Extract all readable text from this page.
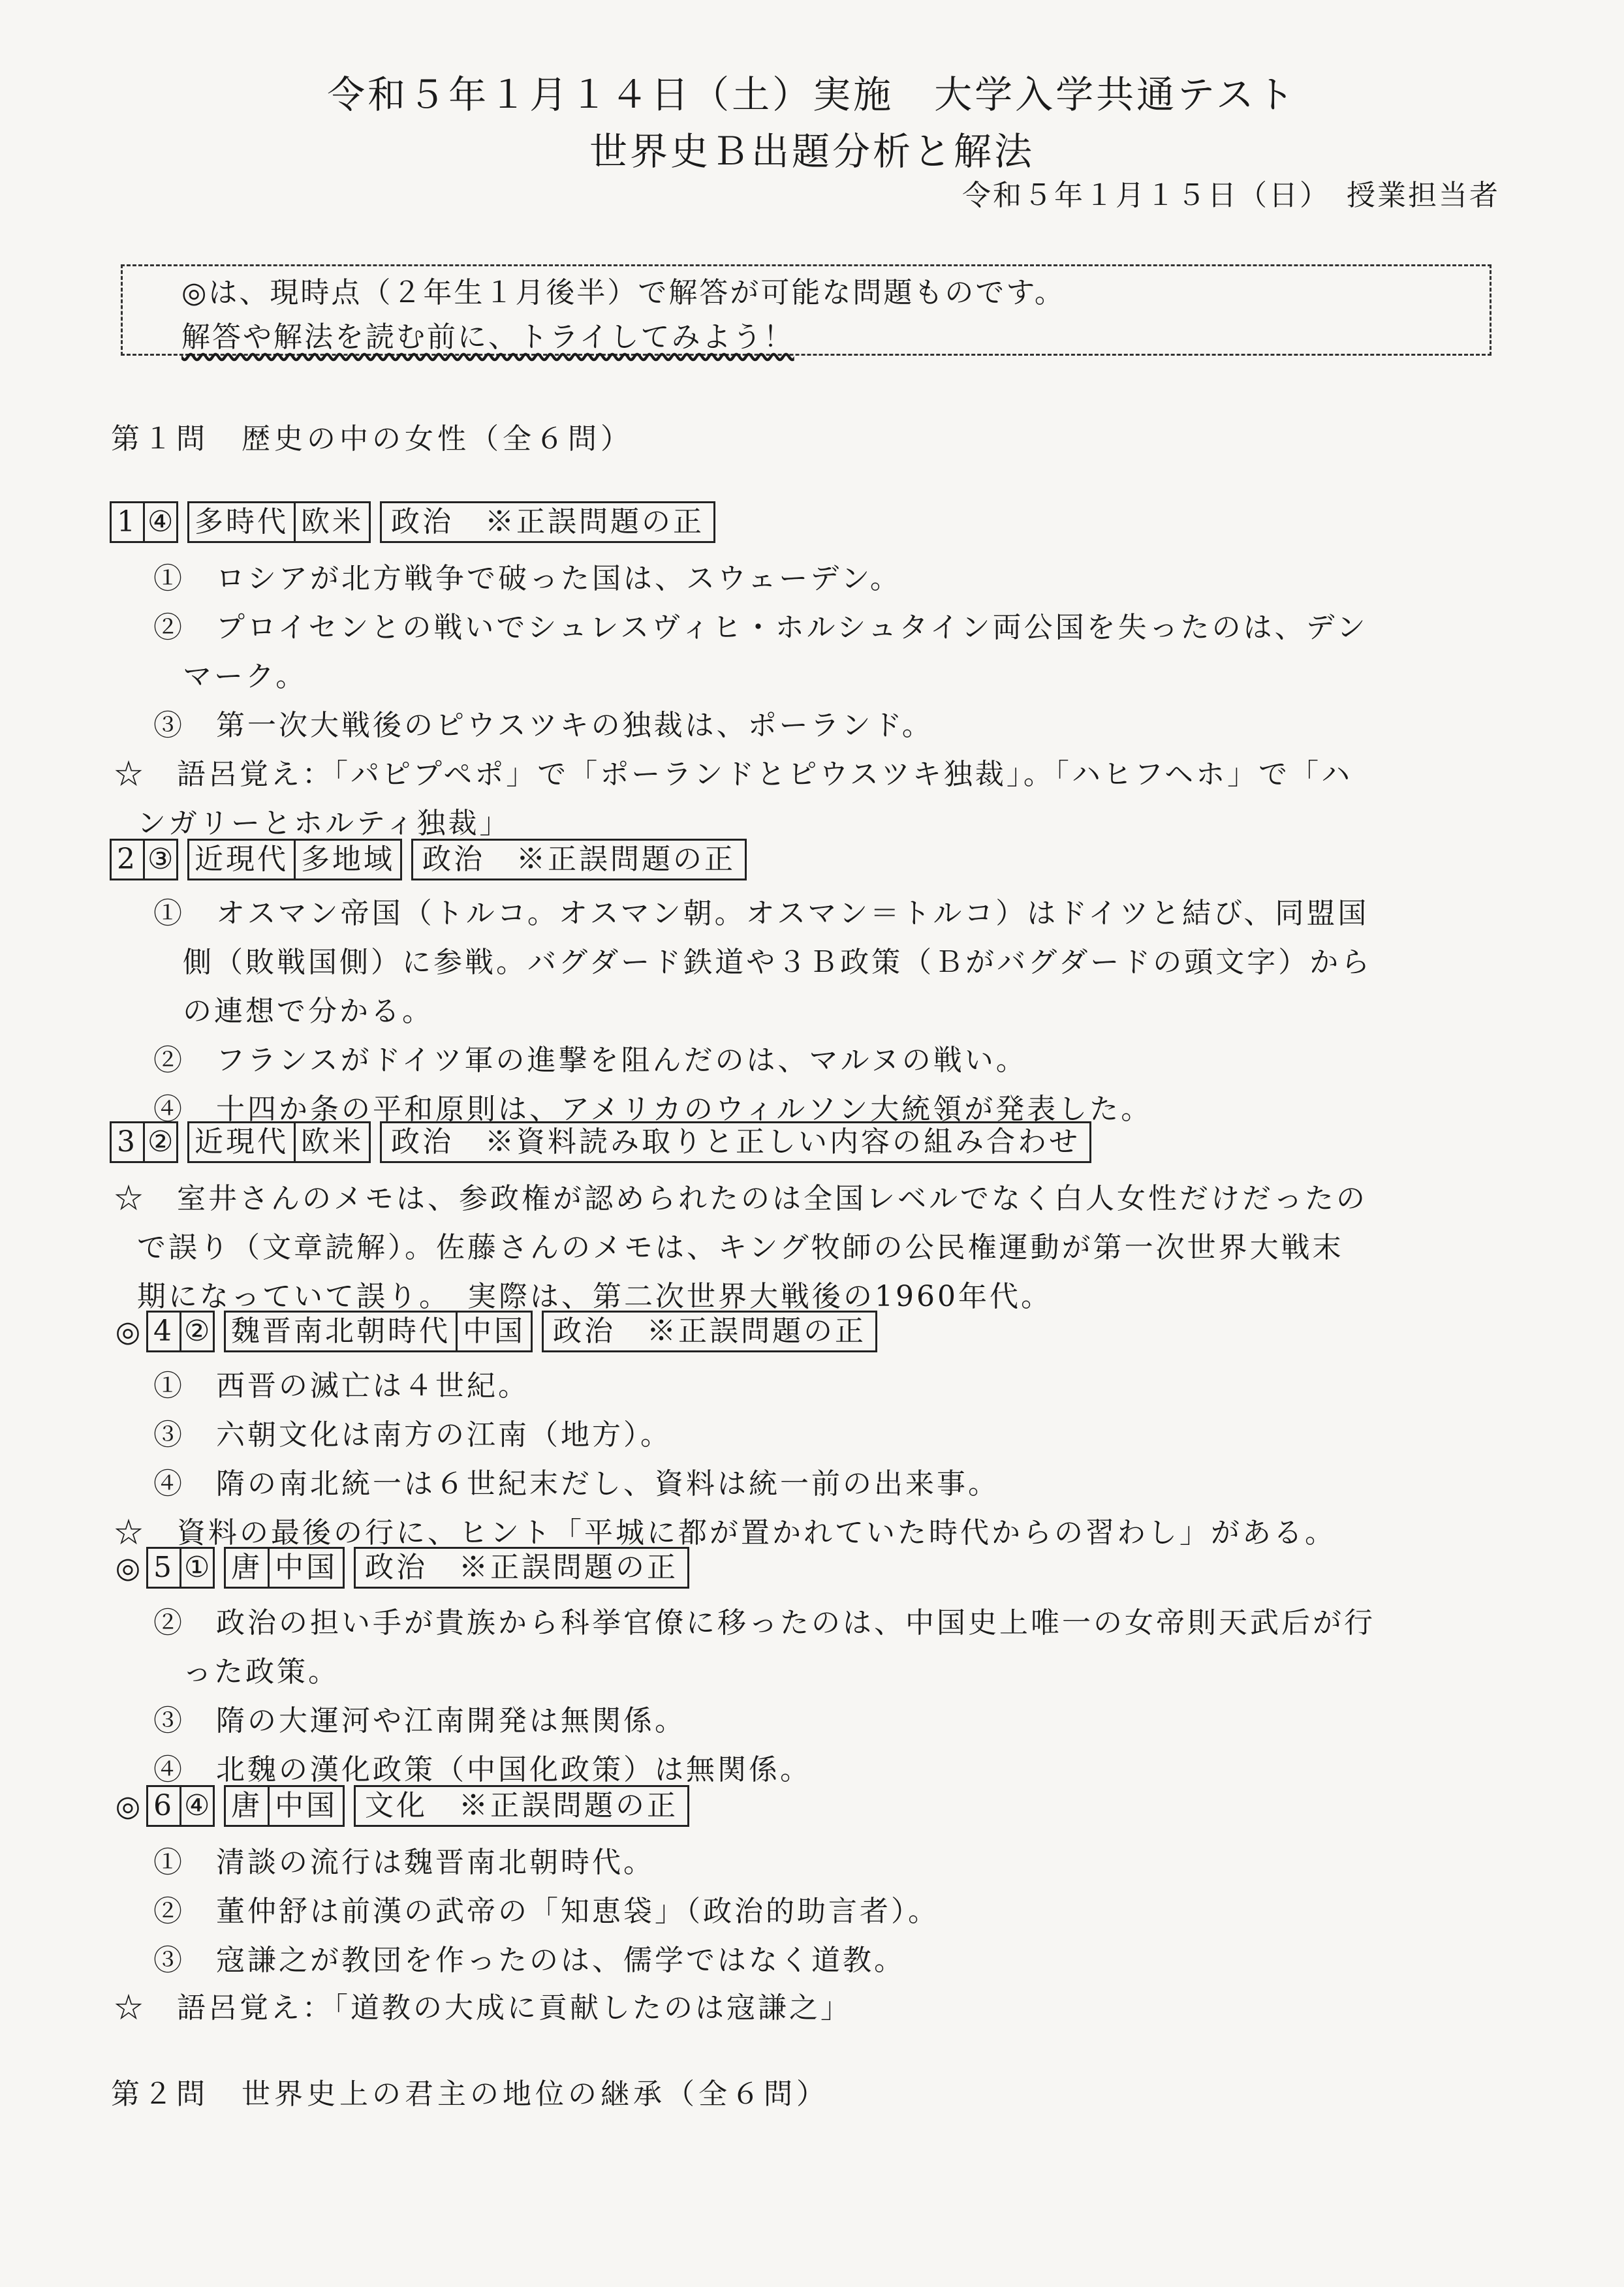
令和５年１月１４日（土）実施　大学入学共通テスト
世界史Ｂ出題分析と解法
令和５年１月１５日（日）　授業担当者
◎は、現時点（２年生１月後半）で解答が可能な問題ものです。
解答や解法を読む前に、トライしてみよう！
第１問　歴史の中の女性（全６問）
1 ④ 多時代 欧米 政治　 ※正誤問題の正
①　ロシアが北方戦争で破った国は、スウェーデン。
②　プロイセンとの戦いでシュレスヴィヒ・ホルシュタイン両公国を失ったのは、デン
マーク。
③　第一次大戦後のピウスツキの独裁は、ポーランド。
☆　語呂覚え：「パピプペポ」で「ポーランドとピウスツキ独裁」。「ハヒフヘホ」で「ハ
ンガリーとホルティ独裁」
2 ③ 近現代 多地域 政治　 ※正誤問題の正
①　オスマン帝国（トルコ。オスマン朝。オスマン＝トルコ）はドイツと結び、同盟国
側（敗戦国側）に参戦。バグダード鉄道や３Ｂ政策（Ｂがバグダードの頭文字）から
の連想で分かる。
②　フランスがドイツ軍の進撃を阻んだのは、マルヌの戦い。
④　十四か条の平和原則は、アメリカのウィルソン大統領が発表した。
3 ② 近現代 欧米 政治　 ※資料読み取りと正しい内容の組み合わせ
☆　室井さんのメモは、参政権が認められたのは全国レベルでなく白人女性だけだったの
で誤り（文章読解）。佐藤さんのメモは、キング牧師の公民権運動が第一次世界大戦末
期になっていて誤り。　実際は、第二次世界大戦後の1960年代。
◎ 4 ② 魏晋南北朝時代 中国 政治　 ※正誤問題の正
①　西晋の滅亡は４世紀。
③　六朝文化は南方の江南（地方）。
④　隋の南北統一は６世紀末だし、資料は統一前の出来事。
☆　資料の最後の行に、ヒント「平城に都が置かれていた時代からの習わし」がある。
◎ 5 ① 唐 中国 政治　 ※正誤問題の正
②　政治の担い手が貴族から科挙官僚に移ったのは、中国史上唯一の女帝則天武后が行
った政策。
③　隋の大運河や江南開発は無関係。
④　北魏の漢化政策（中国化政策）は無関係。
◎ 6 ④ 唐 中国 文化　 ※正誤問題の正
①　清談の流行は魏晋南北朝時代。
②　董仲舒は前漢の武帝の「知恵袋」（政治的助言者）。
③　寇謙之が教団を作ったのは、儒学ではなく道教。
☆　語呂覚え：「道教の大成に貢献したのは寇謙之」
第２問　世界史上の君主の地位の継承（全６問）
